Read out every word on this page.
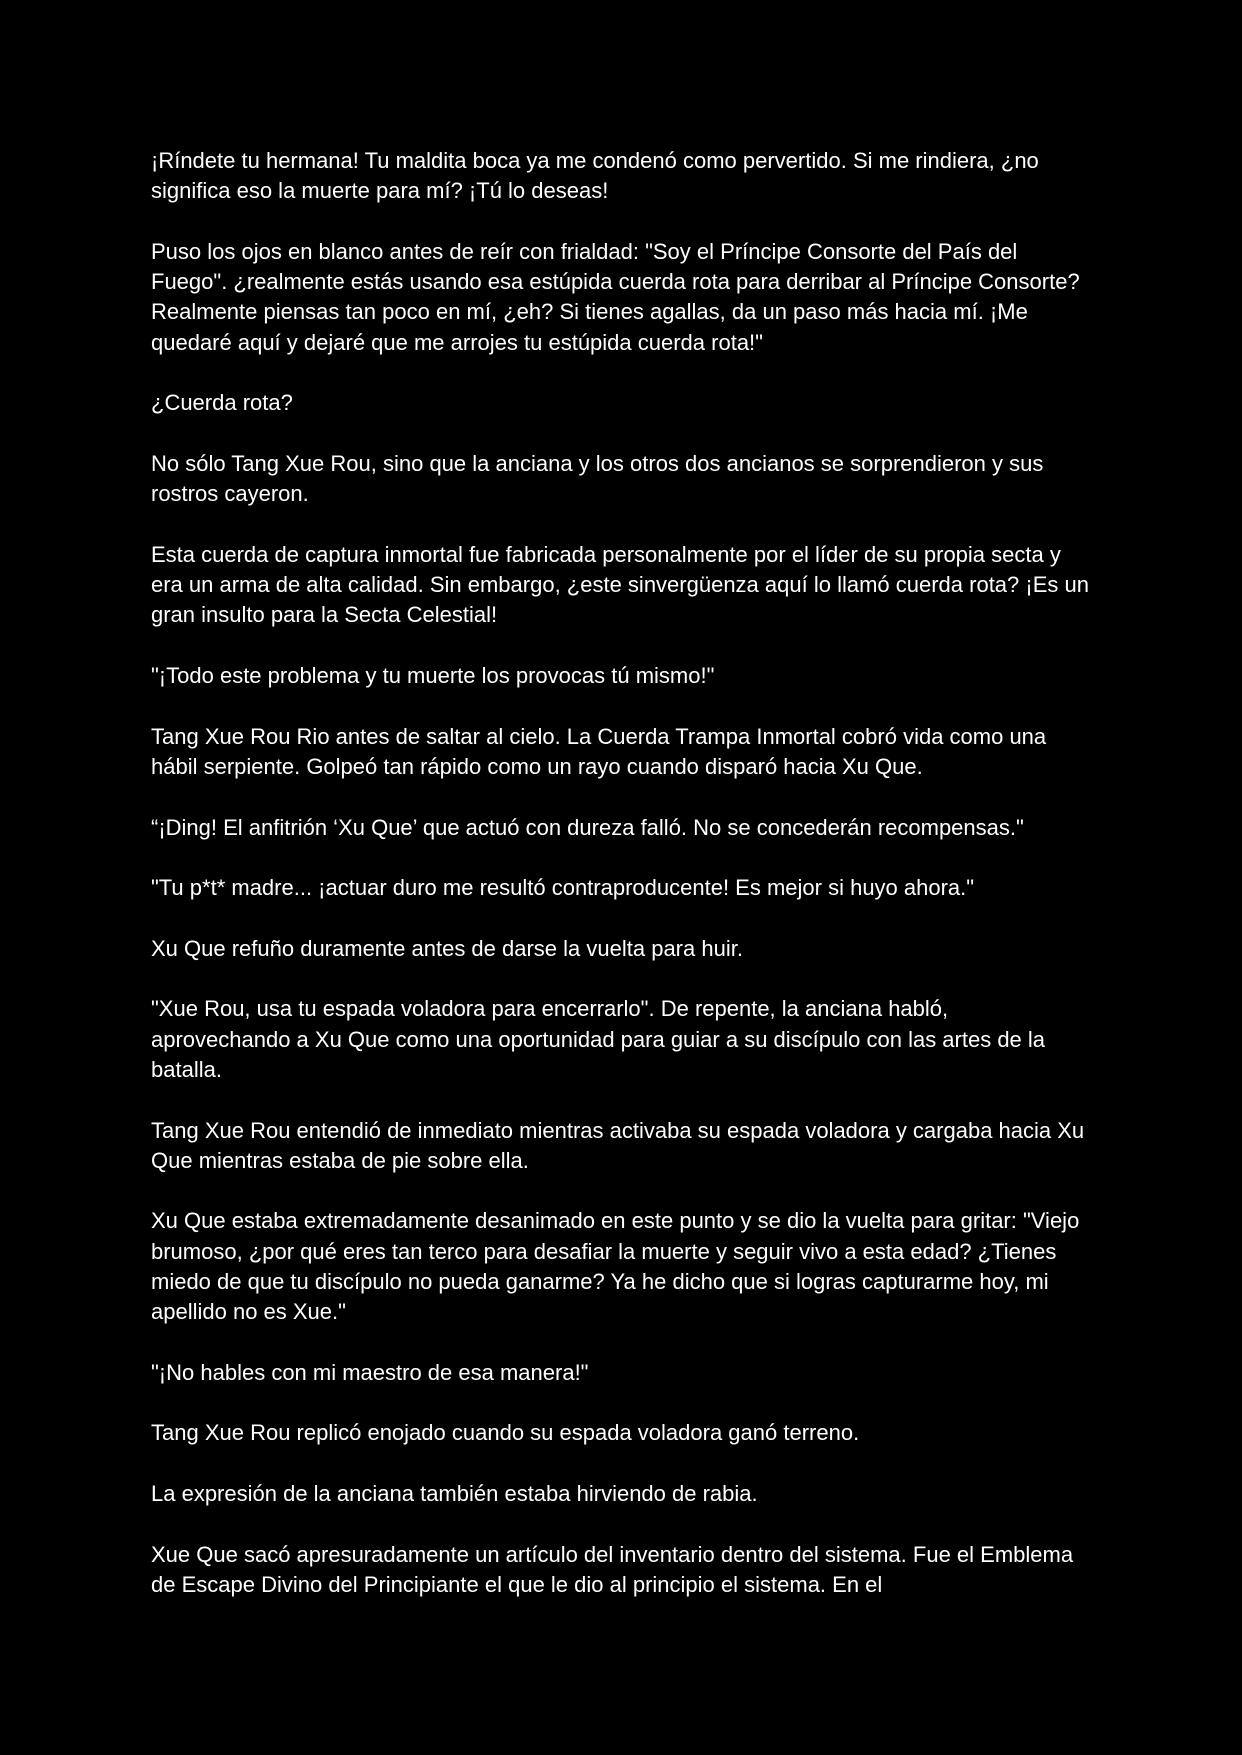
¡Ríndete tu hermana! Tu maldita boca ya me condenó como pervertido. Si me rindiera, ¿no significa eso la muerte para mí? ¡Tú lo deseas!

Puso los ojos en blanco antes de reír con frialdad: "Soy el Príncipe Consorte del País del Fuego". ¿realmente estás usando esa estúpida cuerda rota para derribar al Príncipe Consorte? Realmente piensas tan poco en mí, ¿eh? Si tienes agallas, da un paso más hacia mí. ¡Me quedaré aquí y dejaré que me arrojes tu estúpida cuerda rota!"

¿Cuerda rota?

No sólo Tang Xue Rou, sino que la anciana y los otros dos ancianos se sorprendieron y sus rostros cayeron.

Esta cuerda de captura inmortal fue fabricada personalmente por el líder de su propia secta y era un arma de alta calidad. Sin embargo, ¿este sinvergüenza aquí lo llamó cuerda rota? ¡Es un gran insulto para la Secta Celestial!

"¡Todo este problema y tu muerte los provocas tú mismo!"

Tang Xue Rou Rio antes de saltar al cielo. La Cuerda Trampa Inmortal cobró vida como una hábil serpiente. Golpeó tan rápido como un rayo cuando disparó hacia Xu Que.

“¡Ding! El anfitrión ‘Xu Que’ que actuó con dureza falló. No se concederán recompensas."

"Tu p*t* madre... ¡actuar duro me resultó contraproducente! Es mejor si huyo ahora."

Xu Que refuño duramente antes de darse la vuelta para huir.

"Xue Rou, usa tu espada voladora para encerrarlo". De repente, la anciana habló, aprovechando a Xu Que como una oportunidad para guiar a su discípulo con las artes de la batalla.

Tang Xue Rou entendió de inmediato mientras activaba su espada voladora y cargaba hacia Xu Que mientras estaba de pie sobre ella.

Xu Que estaba extremadamente desanimado en este punto y se dio la vuelta para gritar: "Viejo brumoso, ¿por qué eres tan terco para desafiar la muerte y seguir vivo a esta edad? ¿Tienes miedo de que tu discípulo no pueda ganarme? Ya he dicho que si logras capturarme hoy, mi apellido no es Xue."

"¡No hables con mi maestro de esa manera!"

Tang Xue Rou replicó enojado cuando su espada voladora ganó terreno.

La expresión de la anciana también estaba hirviendo de rabia.

Xue Que sacó apresuradamente un artículo del inventario dentro del sistema. Fue el Emblema de Escape Divino del Principiante el que le dio al principio el sistema. En el
